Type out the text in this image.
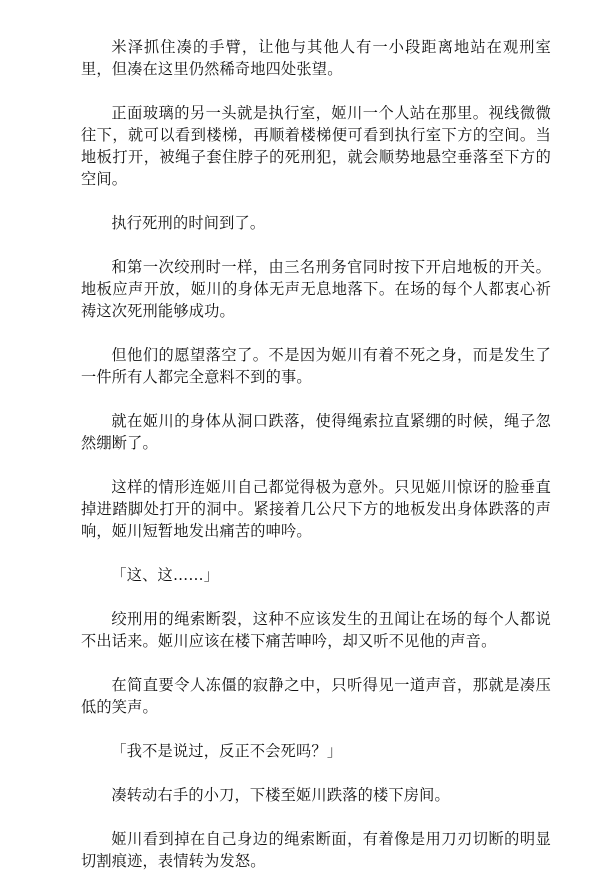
米泽抓住凑的手臂，让他与其他人有一小段距离地站在观刑室里，但凑在这里仍然稀奇地四处张望。

正面玻璃的另一头就是执行室，姬川一个人站在那里。视线微微往下，就可以看到楼梯，再顺着楼梯便可看到执行室下方的空间。当地板打开，被绳子套住脖子的死刑犯，就会顺势地悬空垂落至下方的空间。

执行死刑的时间到了。

和第一次绞刑时一样，由三名刑务官同时按下开启地板的开关。地板应声开放，姬川的身体无声无息地落下。在场的每个人都衷心祈祷这次死刑能够成功。

但他们的愿望落空了。不是因为姬川有着不死之身，而是发生了一件所有人都完全意料不到的事。

就在姬川的身体从洞口跌落，使得绳索拉直紧绷的时候，绳子忽然绷断了。

这样的情形连姬川自己都觉得极为意外。只见姬川惊讶的脸垂直掉进踏脚处打开的洞中。紧接着几公尺下方的地板发出身体跌落的声响，姬川短暂地发出痛苦的呻吟。

「这、这……」

绞刑用的绳索断裂，这种不应该发生的丑闻让在场的每个人都说不出话来。姬川应该在楼下痛苦呻吟，却又听不见他的声音。

在简直要令人冻僵的寂静之中，只听得见一道声音，那就是凑压低的笑声。

「我不是说过，反正不会死吗？」

凑转动右手的小刀，下楼至姬川跌落的楼下房间。

姬川看到掉在自己身边的绳索断面，有着像是用刀刃切断的明显切割痕迹，表情转为发怒。
